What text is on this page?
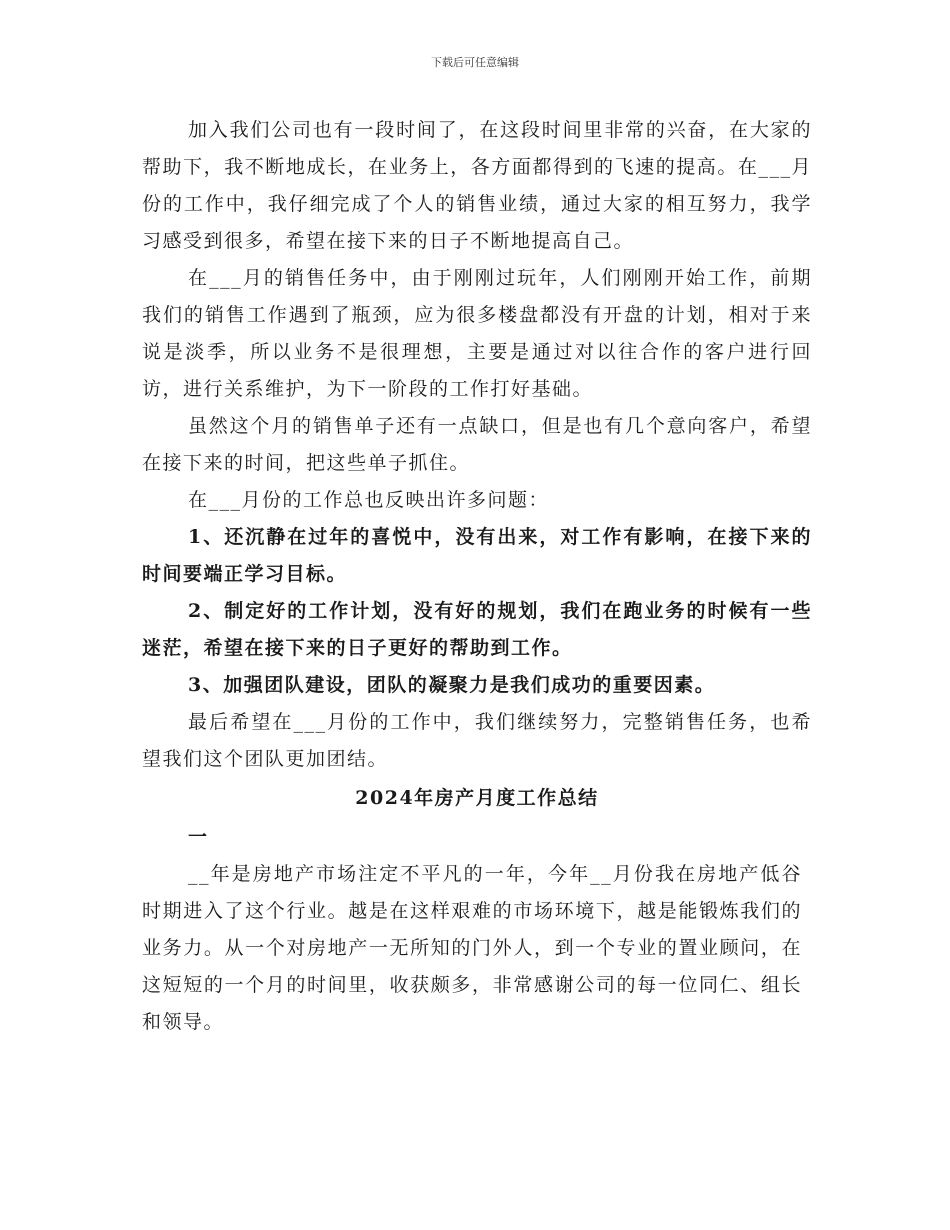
下载后可任意编辑

加入我们公司也有一段时间了，在这段时间里非常的兴奋，在大家的帮助下，我不断地成长，在业务上，各方面都得到的飞速的提高。在___月份的工作中，我仔细完成了个人的销售业绩，通过大家的相互努力，我学习感受到很多，希望在接下来的日子不断地提高自己。

在___月的销售任务中，由于刚刚过玩年，人们刚刚开始工作，前期我们的销售工作遇到了瓶颈，应为很多楼盘都没有开盘的计划，相对于来说是淡季，所以业务不是很理想，主要是通过对以往合作的客户进行回访，进行关系维护，为下一阶段的工作打好基础。

虽然这个月的销售单子还有一点缺口，但是也有几个意向客户，希望在接下来的时间，把这些单子抓住。

在___月份的工作总也反映出许多问题：

1、还沉静在过年的喜悦中，没有出来，对工作有影响，在接下来的时间要端正学习目标。

2、制定好的工作计划，没有好的规划，我们在跑业务的时候有一些迷茫，希望在接下来的日子更好的帮助到工作。

3、加强团队建设，团队的凝聚力是我们成功的重要因素。

最后希望在___月份的工作中，我们继续努力，完整销售任务，也希望我们这个团队更加团结。

2024年房产月度工作总结

一

__年是房地产市场注定不平凡的一年，今年__月份我在房地产低谷时期进入了这个行业。越是在这样艰难的市场环境下，越是能锻炼我们的业务力。从一个对房地产一无所知的门外人，到一个专业的置业顾问，在这短短的一个月的时间里，收获颇多，非常感谢公司的每一位同仁、组长和领导。
